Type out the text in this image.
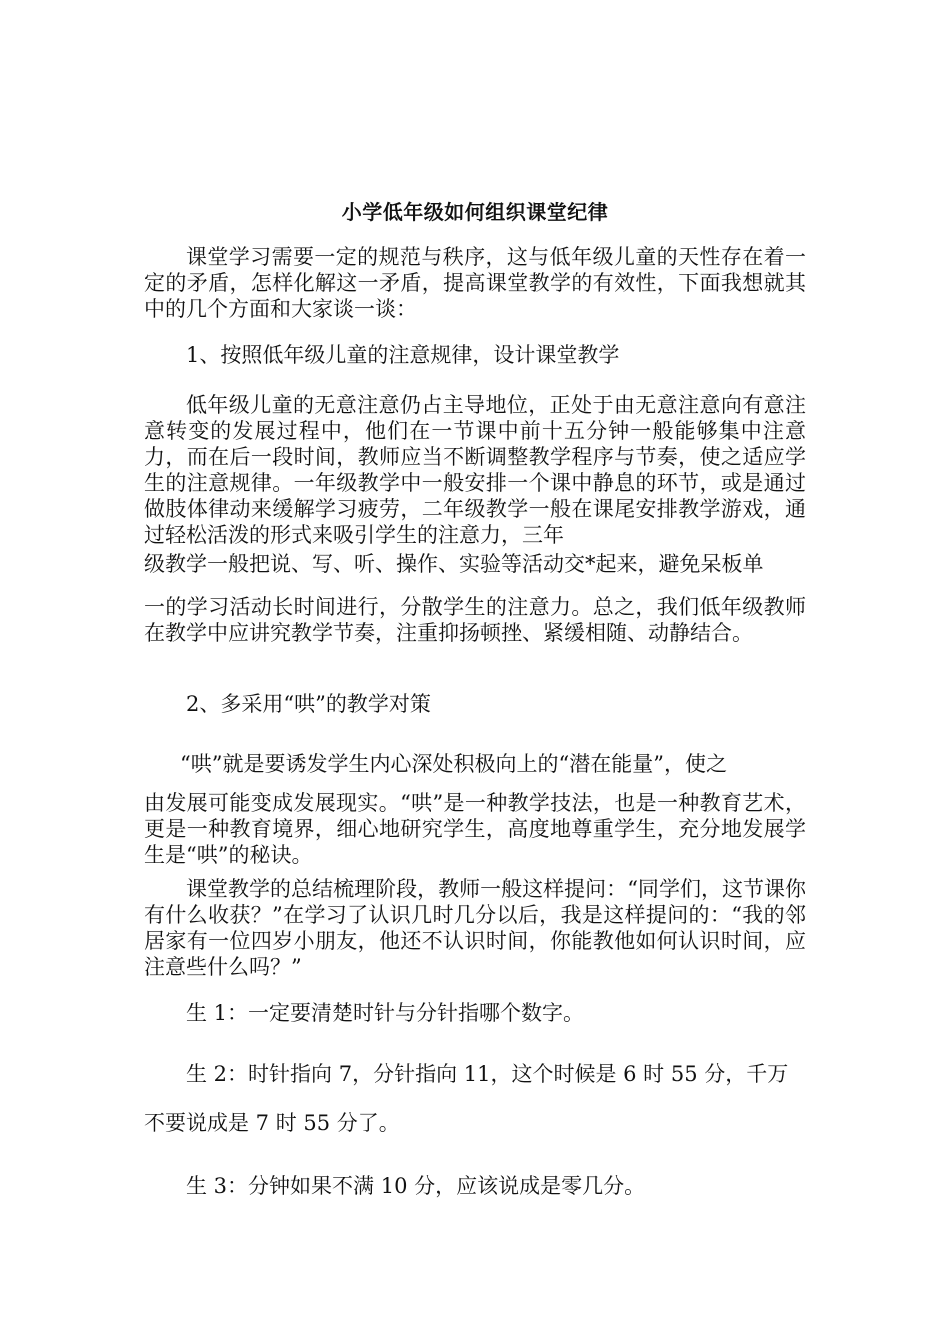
小学低年级如何组织课堂纪律

课堂学习需要一定的规范与秩序，这与低年级儿童的天性存在着一定的矛盾，怎样化解这一矛盾，提高课堂教学的有效性，下面我想就其中的几个方面和大家谈一谈：

1、按照低年级儿童的注意规律，设计课堂教学

低年级儿童的无意注意仍占主导地位，正处于由无意注意向有意注意转变的发展过程中，他们在一节课中前十五分钟一般能够集中注意力，而在后一段时间，教师应当不断调整教学程序与节奏，使之适应学生的注意规律。一年级教学中一般安排一个课中静息的环节，或是通过做肢体律动来缓解学习疲劳，二年级教学一般在课尾安排教学游戏，通过轻松活泼的形式来吸引学生的注意力，三年

级教学一般把说、写、听、操作、实验等活动交*起来，避免呆板单

一的学习活动长时间进行，分散学生的注意力。总之，我们低年级教师在教学中应讲究教学节奏，注重抑扬顿挫、紧缓相随、动静结合。

2、多采用“哄”的教学对策

“哄”就是要诱发学生内心深处积极向上的“潜在能量”，使之

由发展可能变成发展现实。“哄”是一种教学技法，也是一种教育艺术，更是一种教育境界，细心地研究学生，高度地尊重学生，充分地发展学生是“哄”的秘诀。

课堂教学的总结梳理阶段，教师一般这样提问：“同学们，这节课你有什么收获？”在学习了认识几时几分以后，我是这样提问的：“我的邻居家有一位四岁小朋友，他还不认识时间，你能教他如何认识时间，应注意些什么吗？”

生 1：一定要清楚时针与分针指哪个数字。

生 2：时针指向 7，分针指向 11，这个时候是 6 时 55 分，千万

不要说成是 7 时 55 分了。

生 3：分钟如果不满 10 分，应该说成是零几分。
